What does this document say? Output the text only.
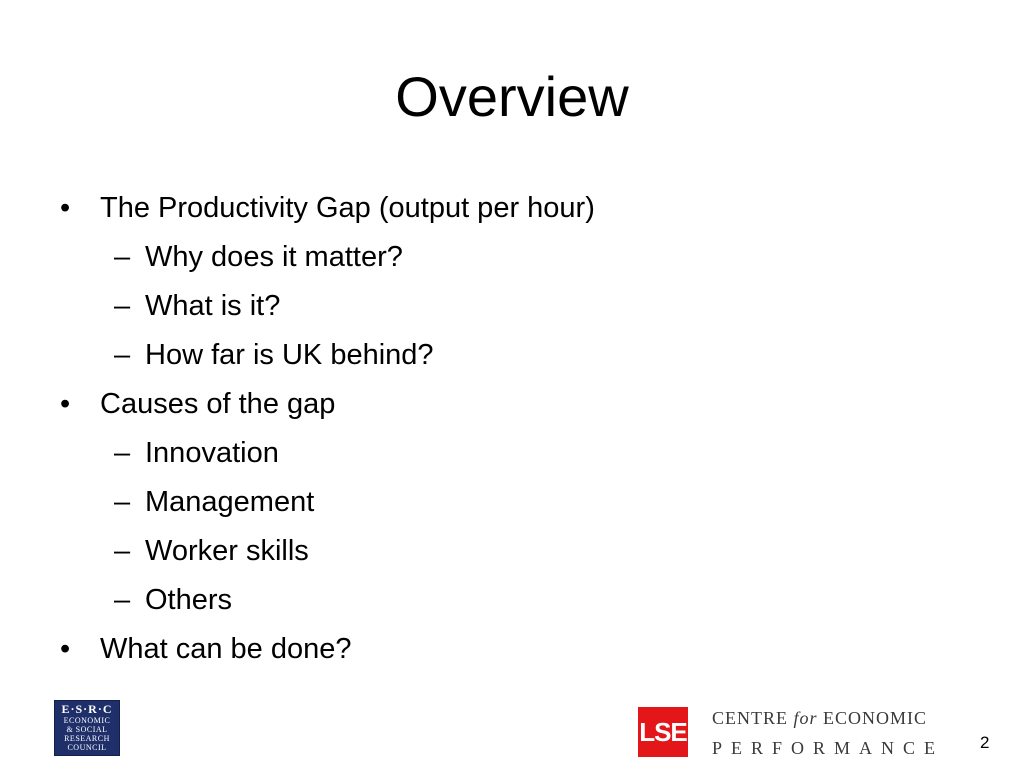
Overview
• The Productivity Gap (output per hour)
– Why does it matter?
– What is it?
– How far is UK behind?
• Causes of the gap
– Innovation
– Management
– Worker skills
– Others
• What can be done?
E·S·R·C
ECONOMIC
& SOCIAL
RESEARCH
COUNCIL
LSE CENTRE for ECONOMIC
PERFORMANCE 2
